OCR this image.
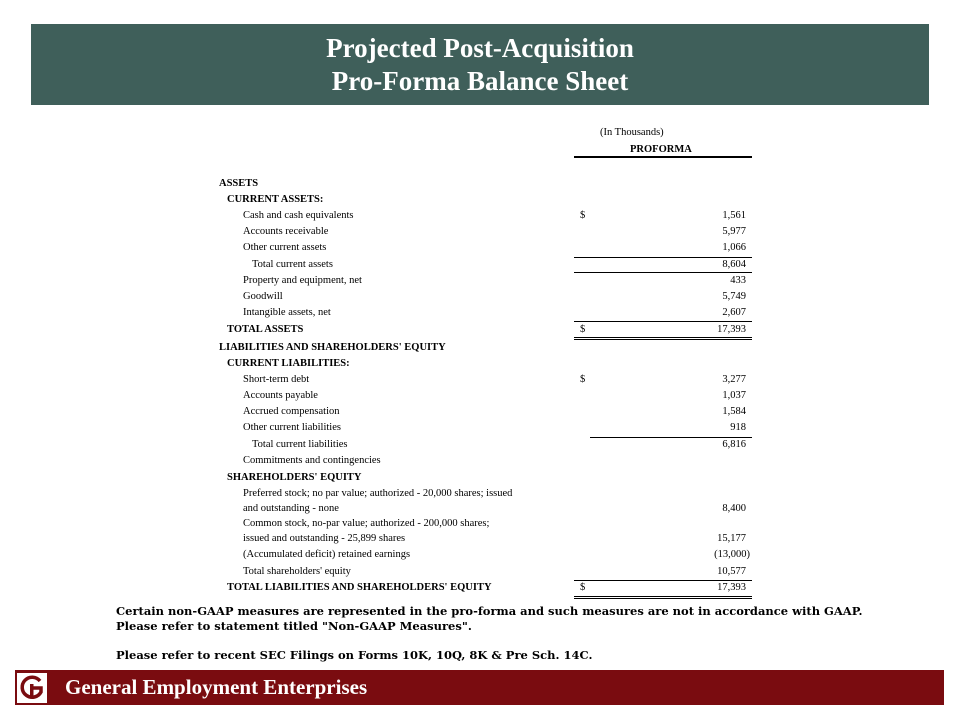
Projected Post-Acquisition
Pro-Forma Balance Sheet
(In Thousands)
PROFORMA
ASSETS
CURRENT ASSETS:
Cash and cash equivalents	$	1,561
Accounts receivable	5,977
Other current assets	1,066
Total current assets	8,604
Property and equipment, net	433
Goodwill	5,749
Intangible assets, net	2,607
TOTAL ASSETS	$	17,393
LIABILITIES AND SHAREHOLDERS' EQUITY
CURRENT LIABILITIES:
Short-term debt	$	3,277
Accounts payable	1,037
Accrued compensation	1,584
Other current liabilities	918
Total current liabilities	6,816
Commitments and contingencies
SHAREHOLDERS' EQUITY
Preferred stock; no par value; authorized - 20,000 shares; issued
and outstanding - none	8,400
Common stock, no-par value; authorized - 200,000 shares;
issued and outstanding - 25,899 shares	15,177
(Accumulated deficit) retained earnings	(13,000)
Total shareholders' equity	10,577
TOTAL LIABILITIES AND SHAREHOLDERS' EQUITY	$	17,393
Certain non-GAAP measures are represented in the pro-forma and such measures are not in accordance with GAAP.
Please refer to statement titled "Non-GAAP Measures".
Please refer to recent SEC Filings on Forms 10K, 10Q, 8K & Pre Sch. 14C.
General Employment Enterprises
